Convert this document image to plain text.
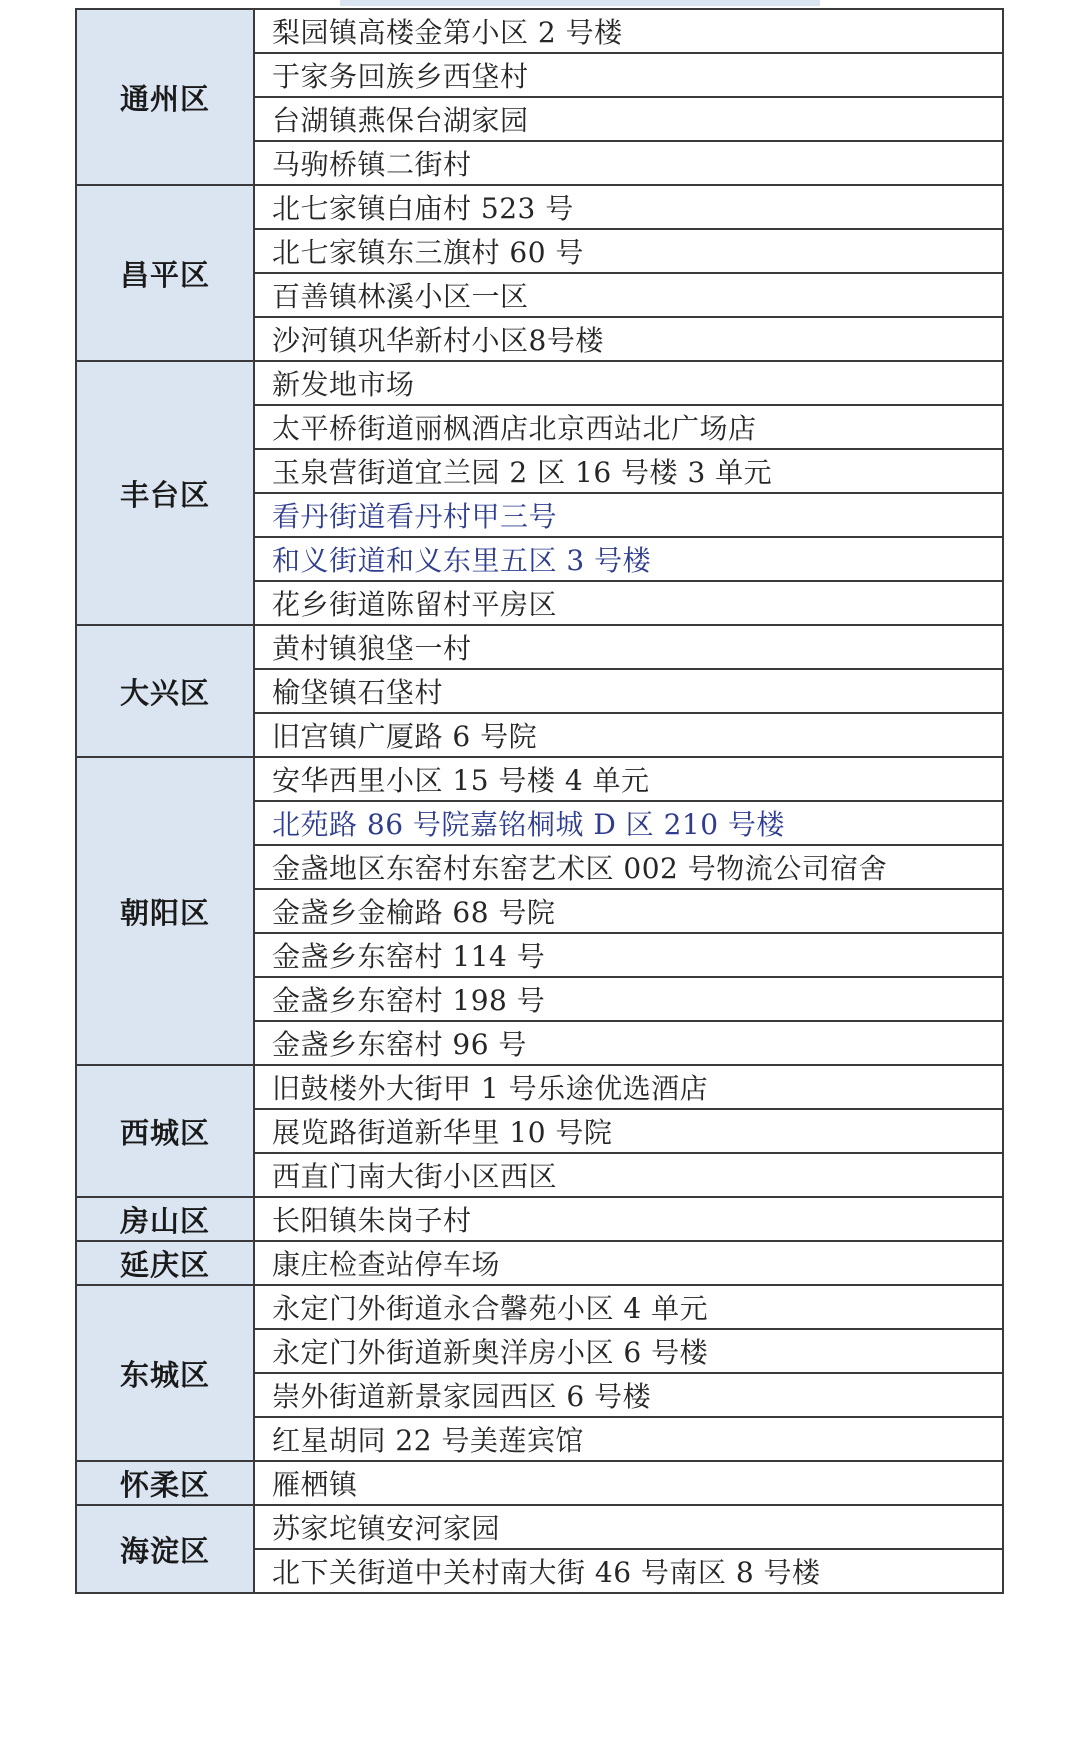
通州区	梨园镇高楼金第小区 2 号楼
	于家务回族乡西垡村
	台湖镇燕保台湖家园
	马驹桥镇二街村
昌平区	北七家镇白庙村 523 号
	北七家镇东三旗村 60 号
	百善镇林溪小区一区
	沙河镇巩华新村小区8号楼
丰台区	新发地市场
	太平桥街道丽枫酒店北京西站北广场店
	玉泉营街道宜兰园 2 区 16 号楼 3 单元
	看丹街道看丹村甲三号
	和义街道和义东里五区 3 号楼
	花乡街道陈留村平房区
大兴区	黄村镇狼垡一村
	榆垡镇石垡村
	旧宫镇广厦路 6 号院
朝阳区	安华西里小区 15 号楼 4 单元
	北苑路 86 号院嘉铭桐城 D 区 210 号楼
	金盏地区东窑村东窑艺术区 002 号物流公司宿舍
	金盏乡金榆路 68 号院
	金盏乡东窑村 114 号
	金盏乡东窑村 198 号
	金盏乡东窑村 96 号
西城区	旧鼓楼外大街甲 1 号乐途优选酒店
	展览路街道新华里 10 号院
	西直门南大街小区西区
房山区	长阳镇朱岗子村
延庆区	康庄检查站停车场
东城区	永定门外街道永合馨苑小区 4 单元
	永定门外街道新奥洋房小区 6 号楼
	崇外街道新景家园西区 6 号楼
	红星胡同 22 号美莲宾馆
怀柔区	雁栖镇
海淀区	苏家坨镇安河家园
	北下关街道中关村南大街 46 号南区 8 号楼
